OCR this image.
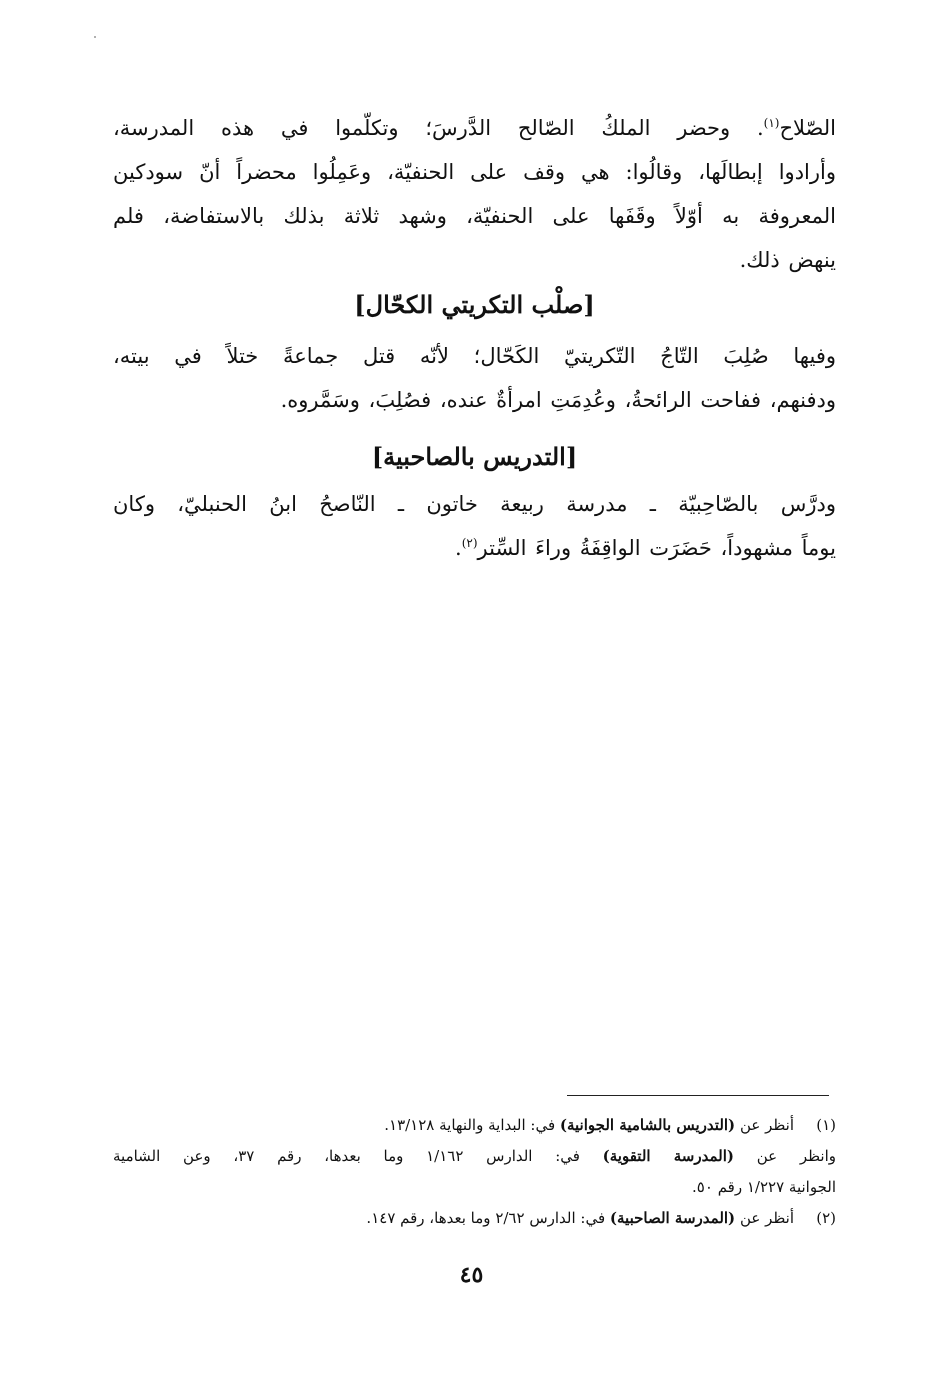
الصّلاح$^{(١)}$. وحضر الملكُ الصّالح الدَّرسَ؛ وتكلّموا في هذه المدرسة،
وأرادوا إبطالَها، وقالُوا: هي وقف على الحنفيّة، وعَمِلُوا محضراً أنّ سودكين
المعروفة به أوّلاً وقَفَها على الحنفيّة، وشهد ثلاثة بذلك بالاستفاضة، فلم
ينهض ذلك.
[صلْب التكريتي الكحّال]
وفيها صُلِبَ التّاجُ التّكريتيّ الكَحّال؛ لأنّه قتل جماعةً ختلاً في بيته،
ودفنهم، ففاحت الرائحةُ، وعُدِمَتِ امرأةٌ عنده، فصُلِبَ، وسَمَّروه.
[التدريس بالصاحبية]
ودرَّس بالصّاحِبيّة ـ مدرسة ربيعة خاتون ـ النّاصحُ ابنُ الحنبليّ، وكان
يوماً مشهوداً، حَضَرَت الواقِفَةُ وراءَ السِّتر$^{(٢)}$.
(١)
أنظر عن (التدريس بالشامية الجوانية) في: البداية والنهاية ١٣/١٢٨.
وانظر عن (المدرسة التقوية) في: الدارس ١/١٦٢ وما بعدها، رقم ٣٧، وعن الشامية
الجوانية ١/٢٢٧ رقم ٥٠.
(٢)
أنظر عن (المدرسة الصاحبية) في: الدارس ٢/٦٢ وما بعدها، رقم ١٤٧.
٤٥
